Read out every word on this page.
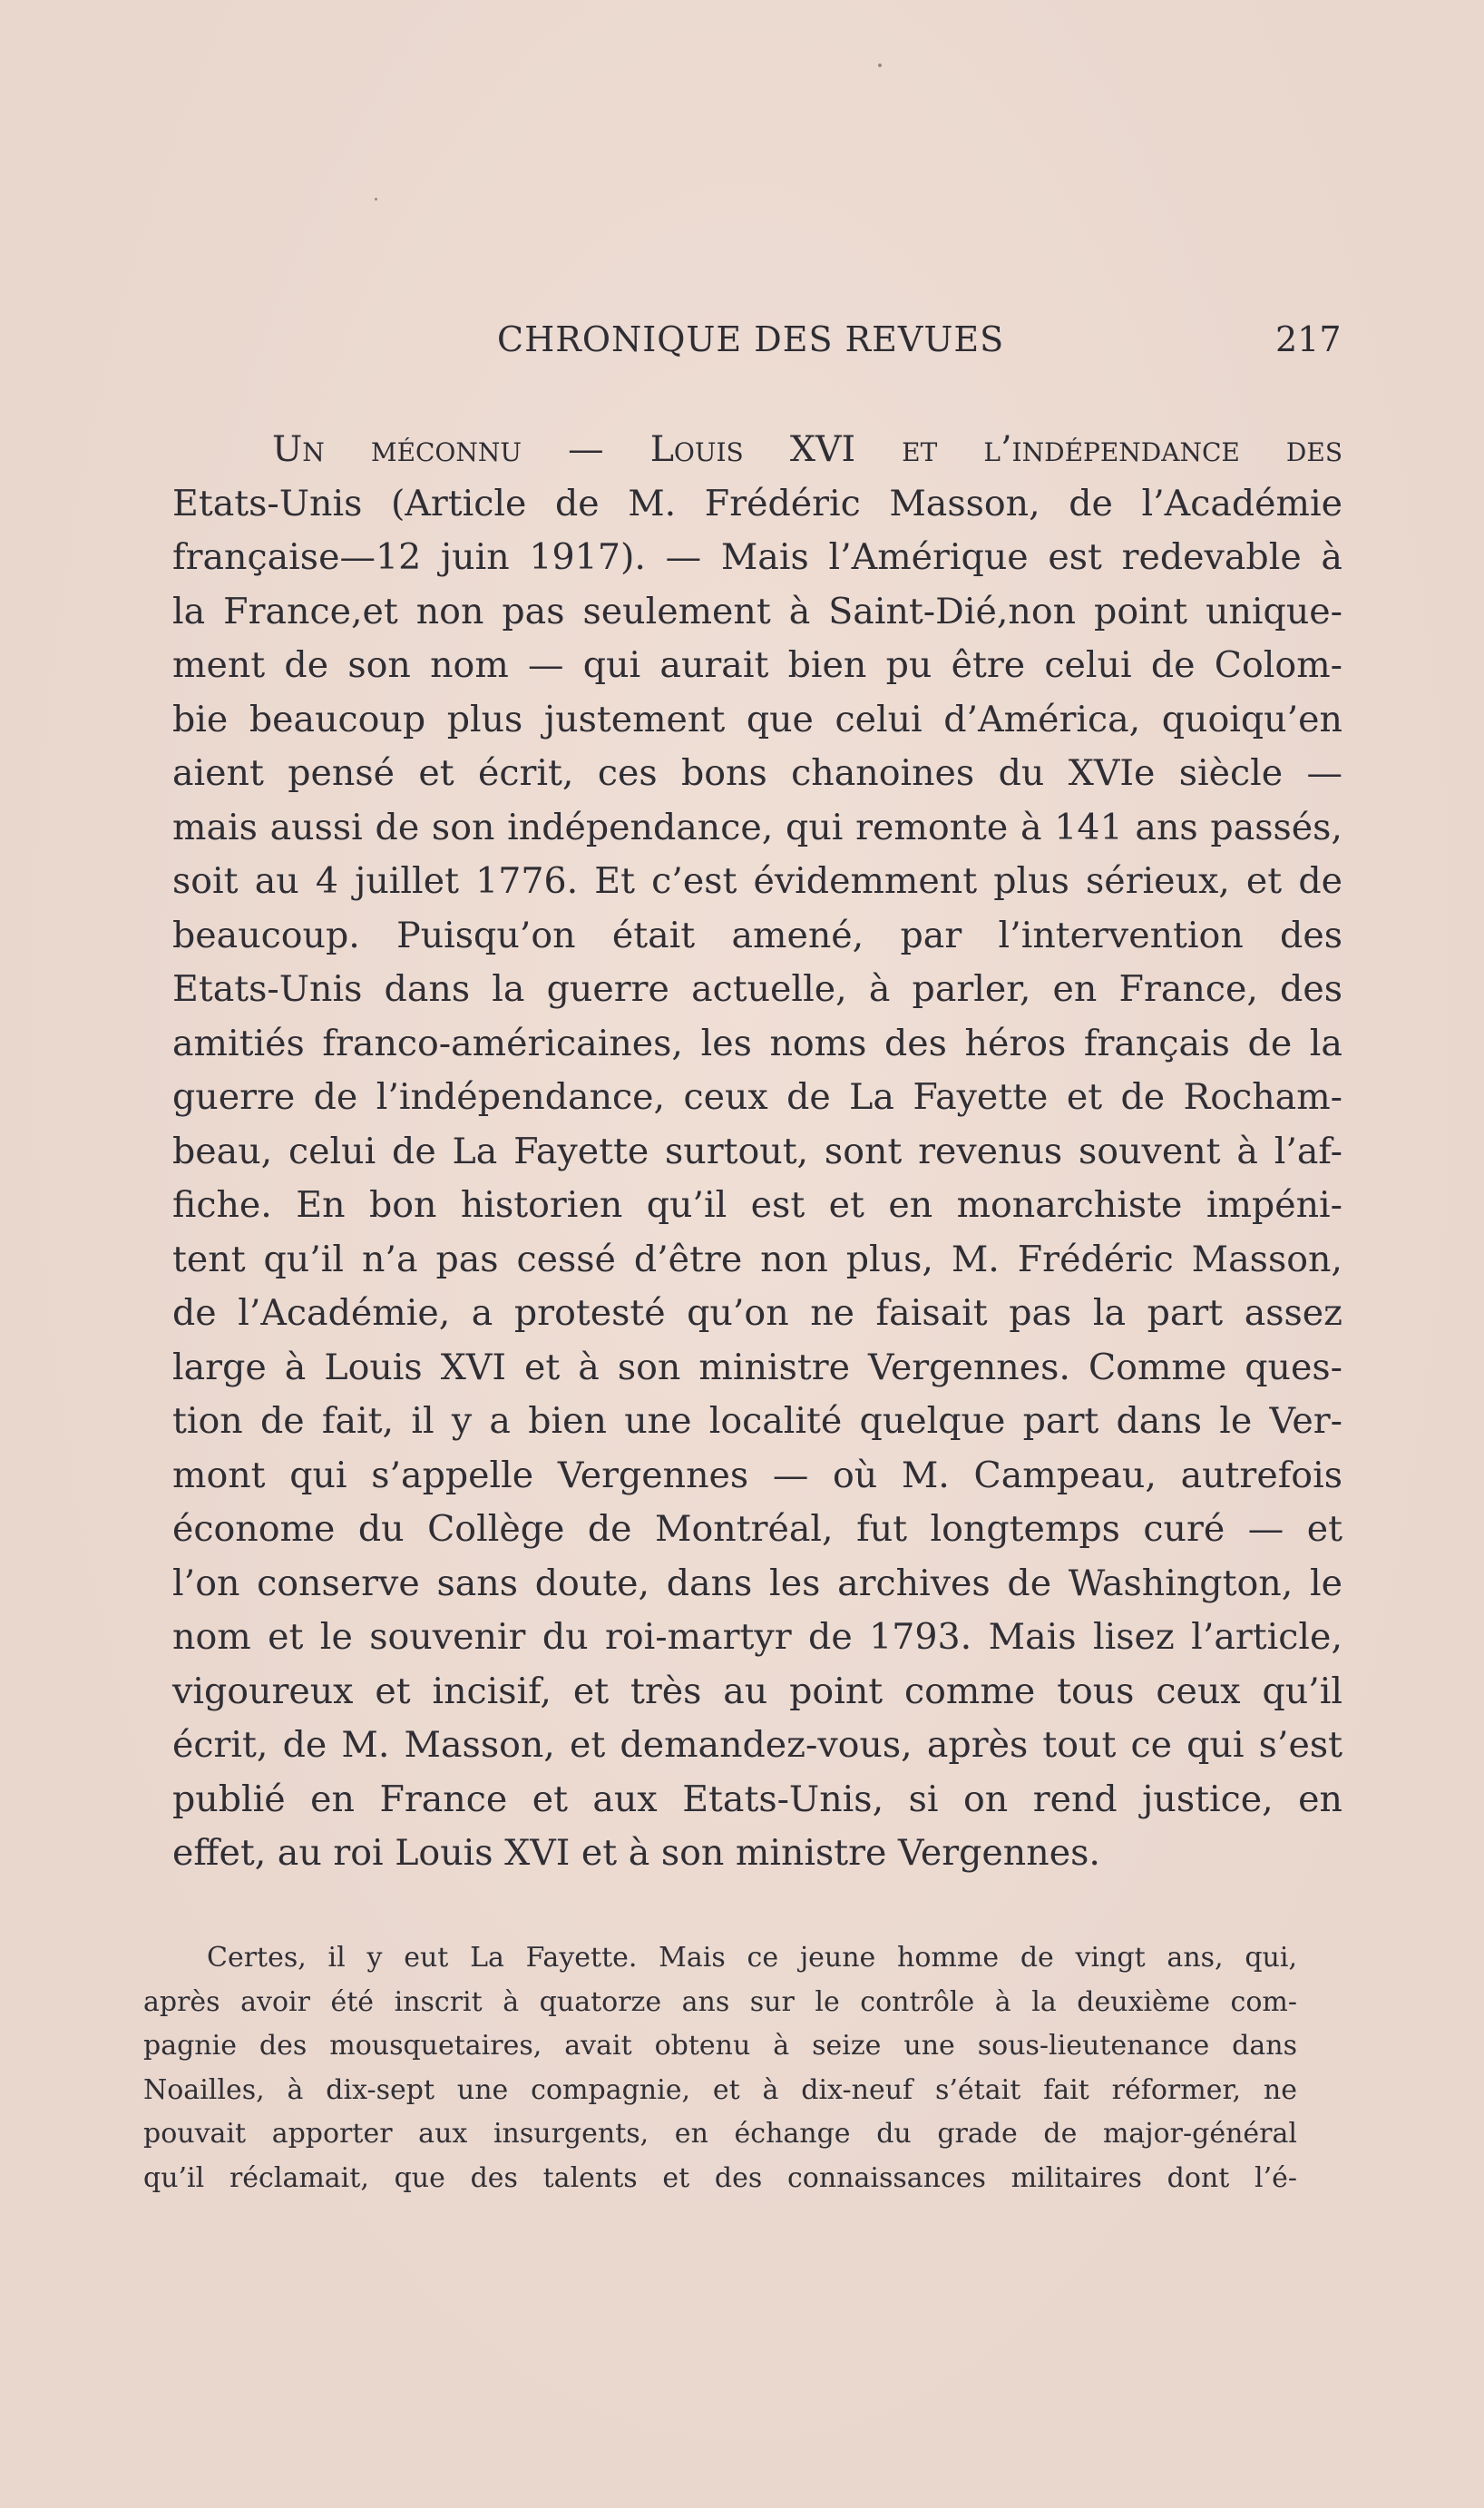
CHRONIQUE DES REVUES	217
Un méconnu — Louis XVI et l’indépendance des
Etats-Unis (Article de M. Frédéric Masson, de l’Académie
française—12 juin 1917). — Mais l’Amérique est redevable à
la France,et non pas seulement à Saint-Dié,non point unique-
ment de son nom — qui aurait bien pu être celui de Colom-
bie beaucoup plus justement que celui d’América, quoiqu’en
aient pensé et écrit, ces bons chanoines du XVIe siècle —
mais aussi de son indépendance, qui remonte à 141 ans passés,
soit au 4 juillet 1776. Et c’est évidemment plus sérieux, et de
beaucoup. Puisqu’on était amené, par l’intervention des
Etats-Unis dans la guerre actuelle, à parler, en France, des
amitiés franco-américaines, les noms des héros français de la
guerre de l’indépendance, ceux de La Fayette et de Rocham-
beau, celui de La Fayette surtout, sont revenus souvent à l’af-
fiche. En bon historien qu’il est et en monarchiste impéni-
tent qu’il n’a pas cessé d’être non plus, M. Frédéric Masson,
de l’Académie, a protesté qu’on ne faisait pas la part assez
large à Louis XVI et à son ministre Vergennes. Comme ques-
tion de fait, il y a bien une localité quelque part dans le Ver-
mont qui s’appelle Vergennes — où M. Campeau, autrefois
économe du Collège de Montréal, fut longtemps curé — et
l’on conserve sans doute, dans les archives de Washington, le
nom et le souvenir du roi-martyr de 1793. Mais lisez l’article,
vigoureux et incisif, et très au point comme tous ceux qu’il
écrit, de M. Masson, et demandez-vous, après tout ce qui s’est
publié en France et aux Etats-Unis, si on rend justice, en
effet, au roi Louis XVI et à son ministre Vergennes.
Certes, il y eut La Fayette. Mais ce jeune homme de vingt ans, qui,
après avoir été inscrit à quatorze ans sur le contrôle à la deuxième com-
pagnie des mousquetaires, avait obtenu à seize une sous-lieutenance dans
Noailles, à dix-sept une compagnie, et à dix-neuf s’était fait réformer, ne
pouvait apporter aux insurgents, en échange du grade de major-général
qu’il réclamait, que des talents et des connaissances militaires dont l’é-
